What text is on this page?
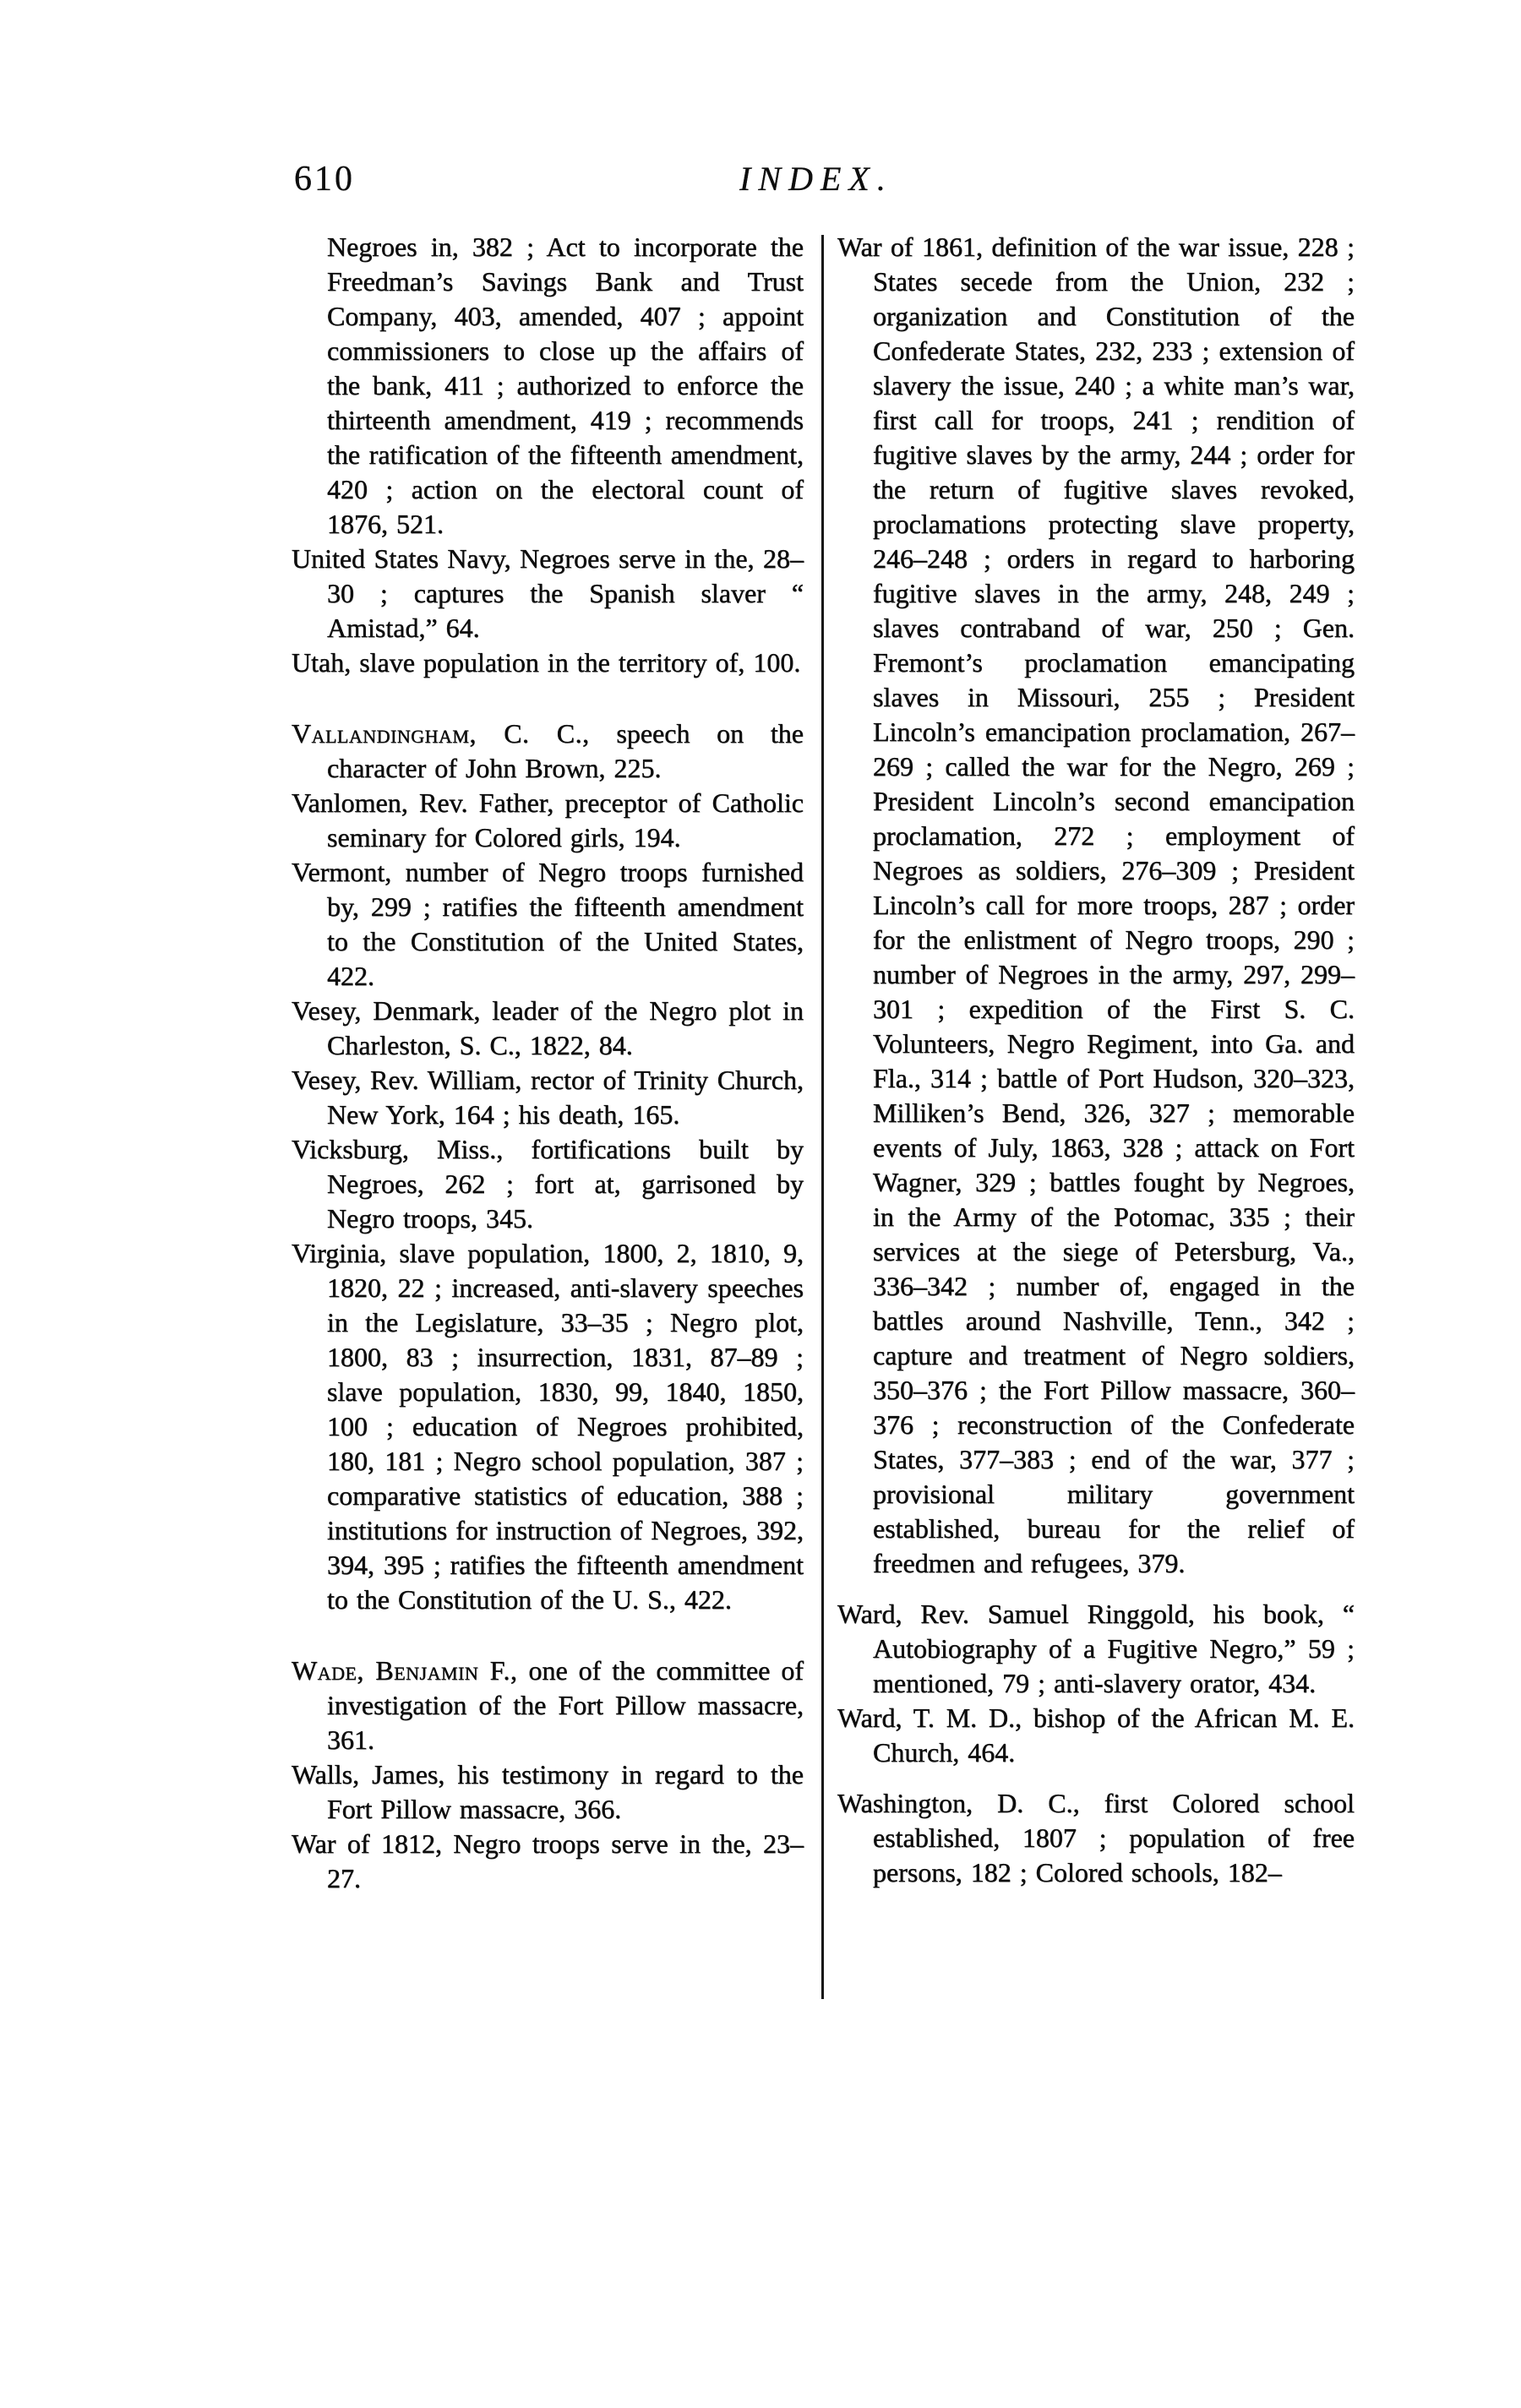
610	INDEX.

Negroes in, 382 ; Act to incorporate the Freedman’s Savings Bank and Trust Company, 403, amended, 407 ; appoint commissioners to close up the affairs of the bank, 411 ; authorized to enforce the thirteenth amendment, 419 ; recommends the ratification of the fifteenth amendment, 420 ; action on the electoral count of 1876, 521.

United States Navy, Negroes serve in the, 28–30 ; captures the Spanish slaver “ Amistad,” 64.

Utah, slave population in the territory of, 100.

Vallandingham, C. C., speech on the character of John Brown, 225.

Vanlomen, Rev. Father, preceptor of Catholic seminary for Colored girls, 194.

Vermont, number of Negro troops furnished by, 299 ; ratifies the fifteenth amendment to the Constitution of the United States, 422.

Vesey, Denmark, leader of the Negro plot in Charleston, S. C., 1822, 84.

Vesey, Rev. William, rector of Trinity Church, New York, 164 ; his death, 165.

Vicksburg, Miss., fortifications built by Negroes, 262 ; fort at, garrisoned by Negro troops, 345.

Virginia, slave population, 1800, 2, 1810, 9, 1820, 22 ; increased, anti-slavery speeches in the Legislature, 33–35 ; Negro plot, 1800, 83 ; insurrection, 1831, 87–89 ; slave population, 1830, 99, 1840, 1850, 100 ; education of Negroes prohibited, 180, 181 ; Negro school population, 387 ; comparative statistics of education, 388 ; institutions for instruction of Negroes, 392, 394, 395 ; ratifies the fifteenth amendment to the Constitution of the U. S., 422.

Wade, Benjamin F., one of the committee of investigation of the Fort Pillow massacre, 361.

Walls, James, his testimony in regard to the Fort Pillow massacre, 366.

War of 1812, Negro troops serve in the, 23–27.

War of 1861, definition of the war issue, 228 ; States secede from the Union, 232 ; organization and Constitution of the Confederate States, 232, 233 ; extension of slavery the issue, 240 ; a white man’s war, first call for troops, 241 ; rendition of fugitive slaves by the army, 244 ; order for the return of fugitive slaves revoked, proclamations protecting slave property, 246–248 ; orders in regard to harboring fugitive slaves in the army, 248, 249 ; slaves contraband of war, 250 ; Gen. Fremont’s proclamation emancipating slaves in Missouri, 255 ; President Lincoln’s emancipation proclamation, 267–269 ; called the war for the Negro, 269 ; President Lincoln’s second emancipation proclamation, 272 ; employment of Negroes as soldiers, 276–309 ; President Lincoln’s call for more troops, 287 ; order for the enlistment of Negro troops, 290 ; number of Negroes in the army, 297, 299–301 ; expedition of the First S. C. Volunteers, Negro Regiment, into Ga. and Fla., 314 ; battle of Port Hudson, 320–323, Milliken’s Bend, 326, 327 ; memorable events of July, 1863, 328 ; attack on Fort Wagner, 329 ; battles fought by Negroes, in the Army of the Potomac, 335 ; their services at the siege of Petersburg, Va., 336–342 ; number of, engaged in the battles around Nashville, Tenn., 342 ; capture and treatment of Negro soldiers, 350–376 ; the Fort Pillow massacre, 360–376 ; reconstruction of the Confederate States, 377–383 ; end of the war, 377 ; provisional military government established, bureau for the relief of freedmen and refugees, 379.

Ward, Rev. Samuel Ringgold, his book, “ Autobiography of a Fugitive Negro,” 59 ; mentioned, 79 ; anti-slavery orator, 434.

Ward, T. M. D., bishop of the African M. E. Church, 464.

Washington, D. C., first Colored school established, 1807 ; population of free persons, 182 ; Colored schools, 182–
